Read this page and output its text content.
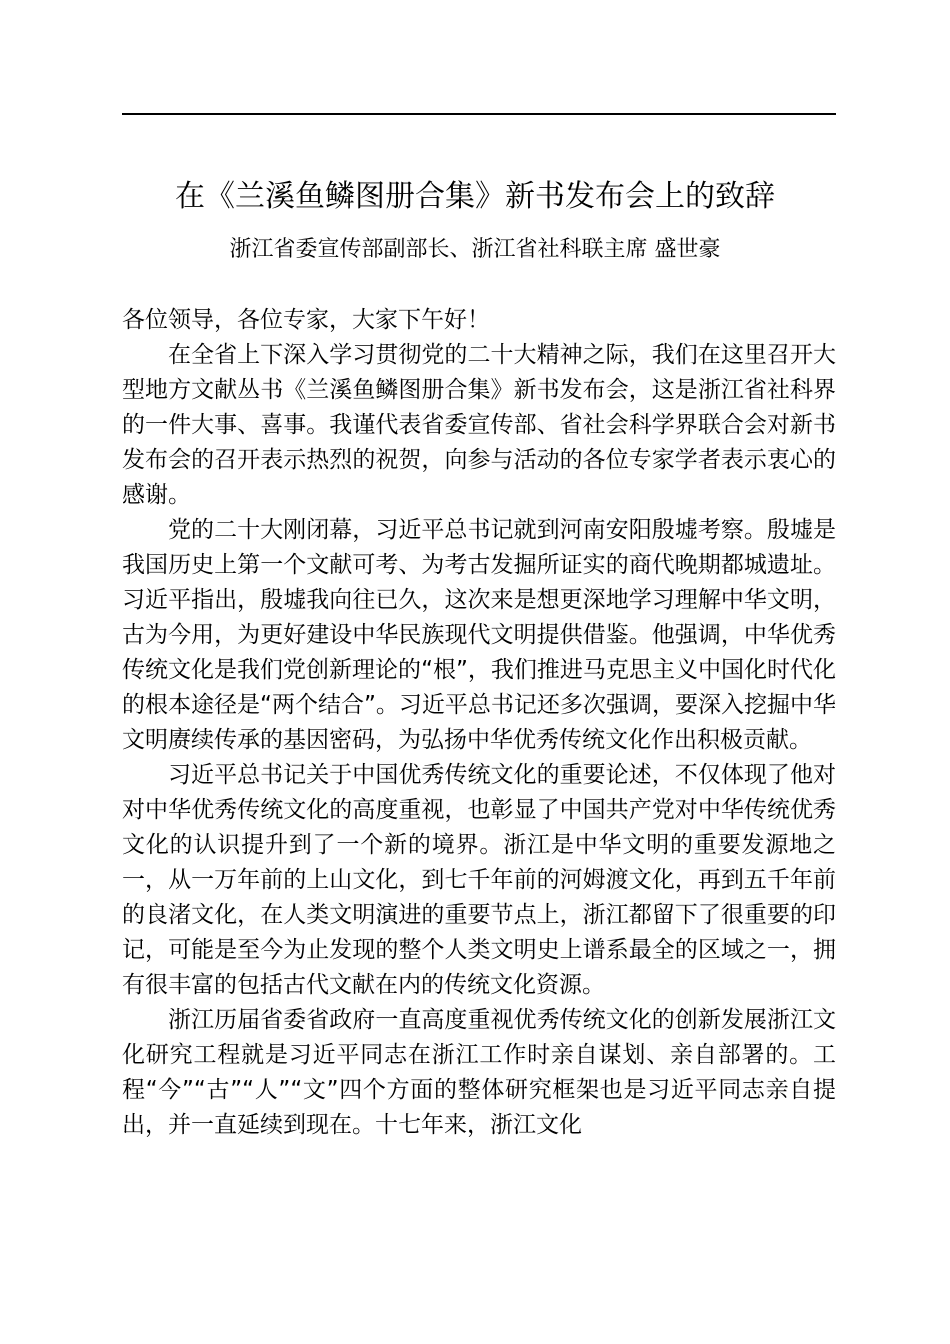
在《兰溪鱼鳞图册合集》新书发布会上的致辞
浙江省委宣传部副部长、浙江省社科联主席 盛世豪

各位领导，各位专家，大家下午好！

在全省上下深入学习贯彻党的二十大精神之际，我们在这里召开大型地方文献丛书《兰溪鱼鳞图册合集》新书发布会，这是浙江省社科界的一件大事、喜事。我谨代表省委宣传部、省社会科学界联合会对新书发布会的召开表示热烈的祝贺，向参与活动的各位专家学者表示衷心的感谢。

党的二十大刚闭幕，习近平总书记就到河南安阳殷墟考察。殷墟是我国历史上第一个文献可考、为考古发掘所证实的商代晚期都城遗址。习近平指出，殷墟我向往已久，这次来是想更深地学习理解中华文明，古为今用，为更好建设中华民族现代文明提供借鉴。他强调，中华优秀传统文化是我们党创新理论的“根”，我们推进马克思主义中国化时代化的根本途径是“两个结合”。习近平总书记还多次强调，要深入挖掘中华文明赓续传承的基因密码，为弘扬中华优秀传统文化作出积极贡献。

习近平总书记关于中国优秀传统文化的重要论述，不仅体现了他对对中华优秀传统文化的高度重视，也彰显了中国共产党对中华传统优秀文化的认识提升到了一个新的境界。浙江是中华文明的重要发源地之一，从一万年前的上山文化，到七千年前的河姆渡文化，再到五千年前的良渚文化，在人类文明演进的重要节点上，浙江都留下了很重要的印记，可能是至今为止发现的整个人类文明史上谱系最全的区域之一，拥有很丰富的包括古代文献在内的传统文化资源。

浙江历届省委省政府一直高度重视优秀传统文化的创新发展浙江文化研究工程就是习近平同志在浙江工作时亲自谋划、亲自部署的。工程“今”“古”“人”“文”四个方面的整体研究框架也是习近平同志亲自提出，并一直延续到现在。十七年来，浙江文化
